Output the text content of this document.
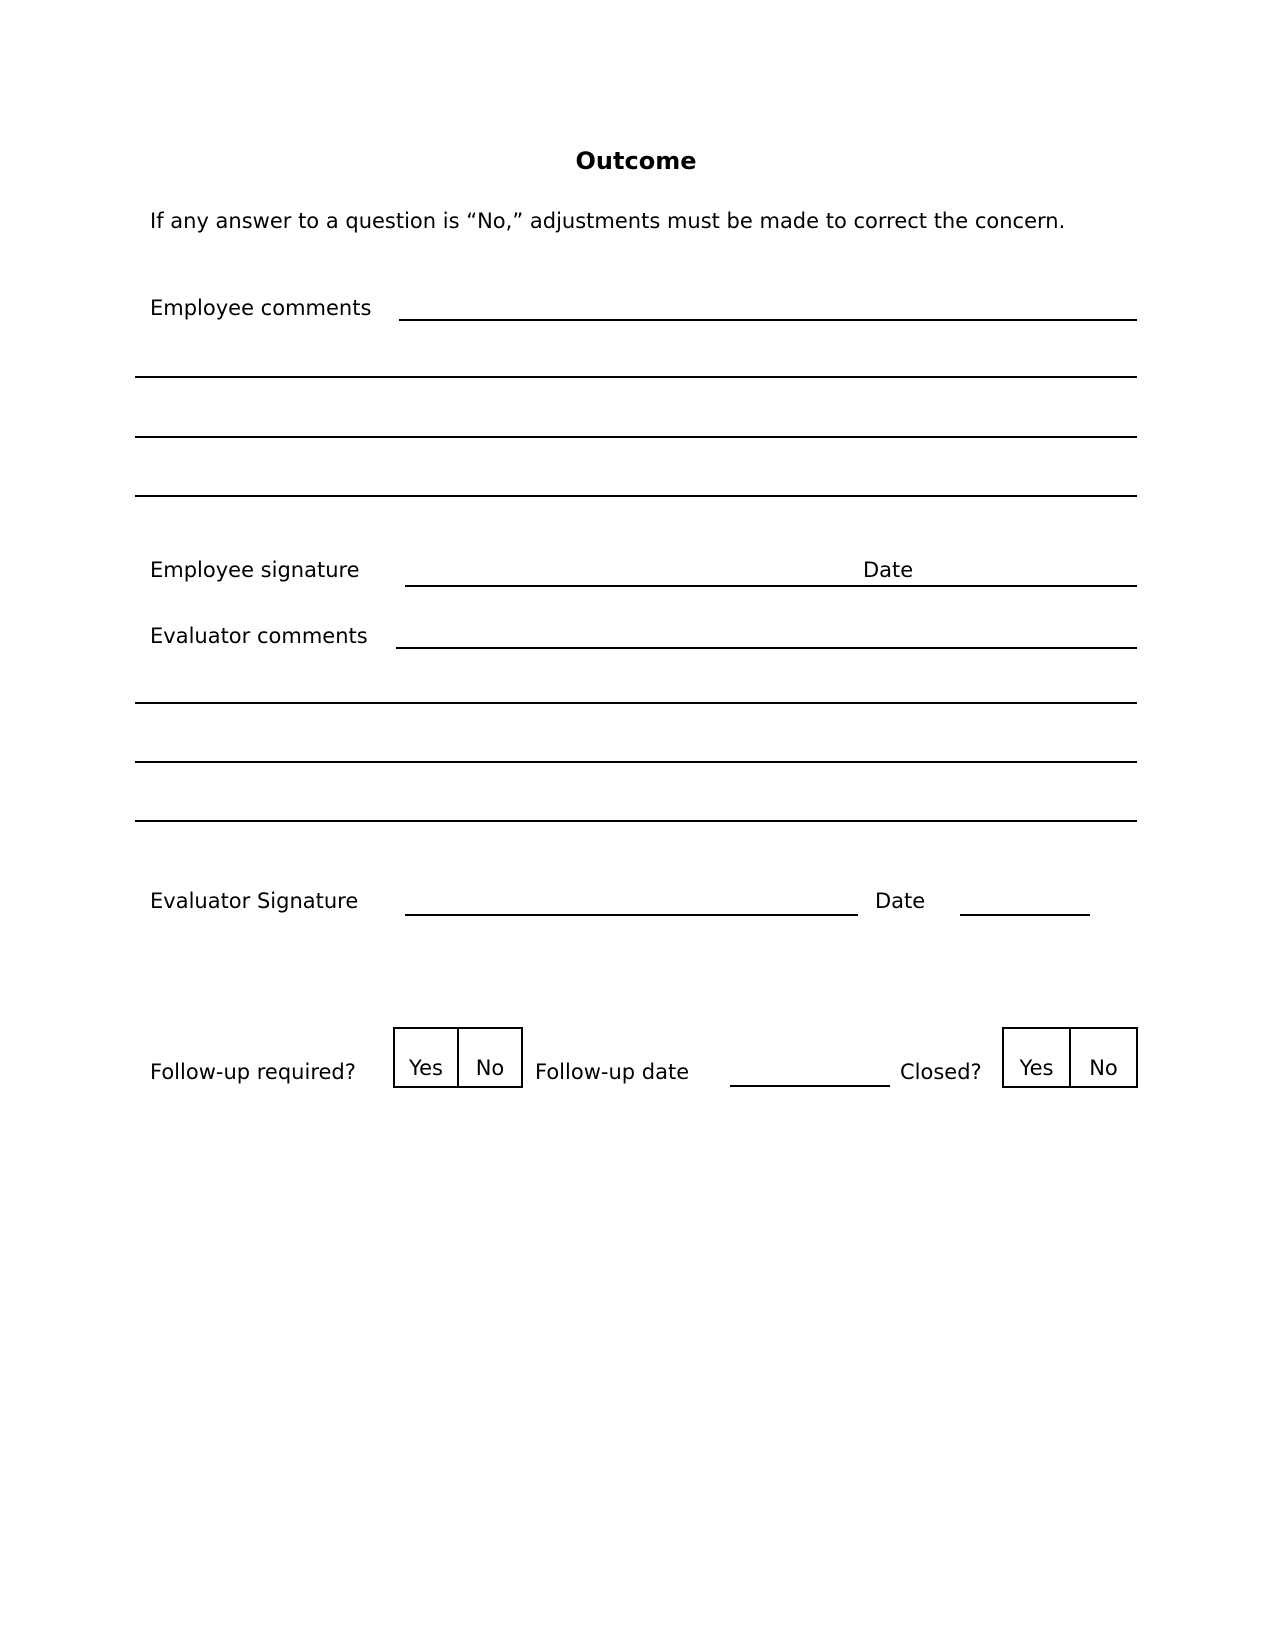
Outcome
If any answer to a question is “No,” adjustments must be made to correct the concern.
Employee comments
Employee signature	Date
Evaluator comments
Evaluator Signature	Date
Follow-up required?	Yes No Follow-up date	Closed? Yes No
